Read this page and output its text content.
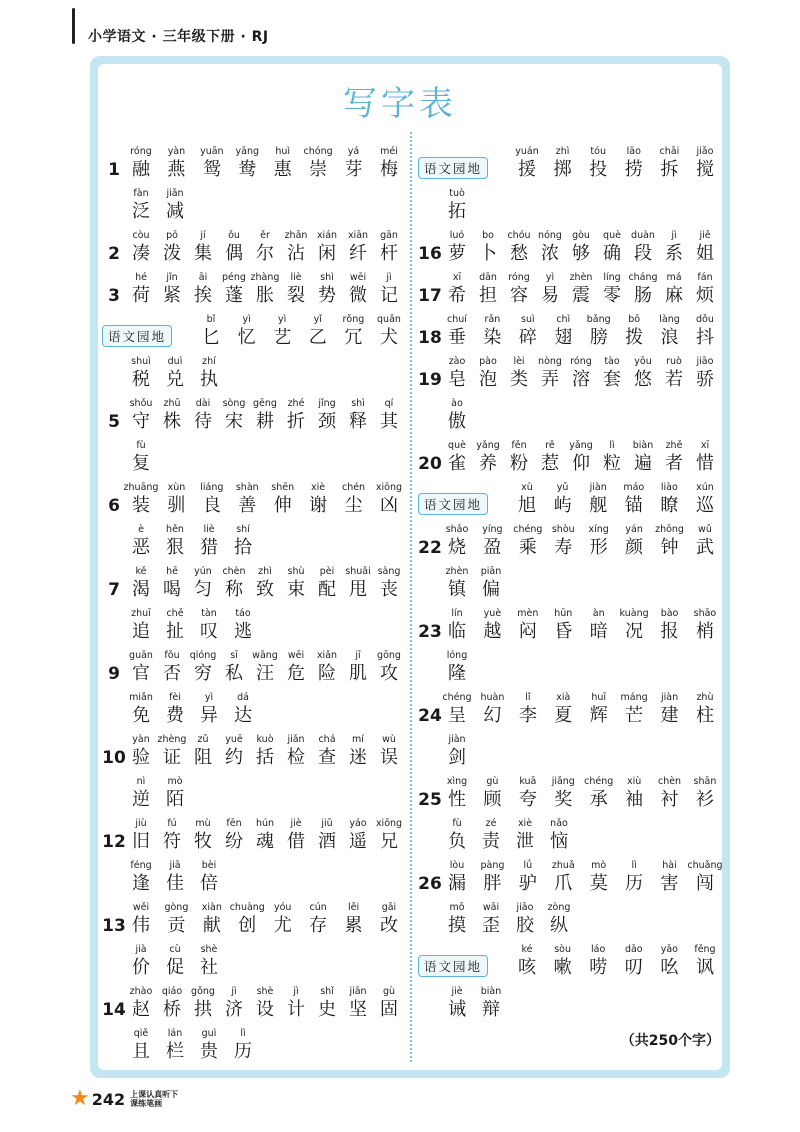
小学语文 · 三年级下册 · RJ
写字表
1
róng
融
yàn
燕
yuān
鸳
yāng
鸯
huì
惠
chóng
崇
yá
芽
méi
梅
fàn
泛
jiǎn
减
2
còu
凑
pō
泼
jí
集
ǒu
偶
ěr
尔
zhān
沾
xián
闲
xiān
纤
gān
杆
3
hé
荷
jǐn
紧
āi
挨
péng
蓬
zhàng
胀
liè
裂
shì
势
wēi
微
jì
记
语文园地
bǐ
匕
yì
忆
yì
艺
yǐ
乙
rǒng
冗
quǎn
犬
shuì
税
duì
兑
zhí
执
5
shǒu
守
zhū
株
dài
待
sòng
宋
gēng
耕
zhé
折
jǐng
颈
shì
释
qí
其
fù
复
6
zhuāng
装
xùn
驯
liáng
良
shàn
善
shēn
伸
xiè
谢
chén
尘
xiōng
凶
è
恶
hěn
狠
liè
猎
shí
拾
7
kě
渴
hē
喝
yún
匀
chèn
称
zhì
致
shù
束
pèi
配
shuǎi
甩
sàng
丧
zhuī
追
chě
扯
tàn
叹
táo
逃
9
guān
官
fǒu
否
qióng
穷
sī
私
wāng
汪
wēi
危
xiǎn
险
jī
肌
gōng
攻
miǎn
免
fèi
费
yì
异
dá
达
10
yàn
验
zhèng
证
zǔ
阻
yuē
约
kuò
括
jiǎn
检
chá
查
mí
迷
wù
误
nì
逆
mò
陌
12
jiù
旧
fú
符
mù
牧
fēn
纷
hún
魂
jiè
借
jiǔ
酒
yáo
遥
xiōng
兄
féng
逢
jiā
佳
bèi
倍
13
wěi
伟
gòng
贡
xiàn
献
chuàng
创
yóu
尤
cún
存
lěi
累
gǎi
改
jià
价
cù
促
shè
社
14
zhào
赵
qiáo
桥
gǒng
拱
jì
济
shè
设
jì
计
shǐ
史
jiān
坚
gù
固
qiě
且
lán
栏
guì
贵
lì
历
语文园地
yuán
援
zhì
掷
tóu
投
lāo
捞
chāi
拆
jiǎo
搅
tuò
拓
16
luó
萝
bo
卜
chóu
愁
nóng
浓
gòu
够
què
确
duàn
段
jì
系
jiě
姐
17
xī
希
dān
担
róng
容
yì
易
zhèn
震
líng
零
cháng
肠
má
麻
fán
烦
18
chuí
垂
rǎn
染
suì
碎
chì
翅
bǎng
膀
bō
拨
làng
浪
dǒu
抖
19
zào
皂
pào
泡
lèi
类
nòng
弄
róng
溶
tào
套
yōu
悠
ruò
若
jiāo
骄
ào
傲
20
què
雀
yǎng
养
fěn
粉
rě
惹
yǎng
仰
lì
粒
biàn
遍
zhě
者
xī
惜
语文园地
xù
旭
yǔ
屿
jiàn
舰
máo
锚
liào
瞭
xún
巡
22
shāo
烧
yíng
盈
chéng
乘
shòu
寿
xíng
形
yán
颜
zhōng
钟
wǔ
武
zhèn
镇
piān
偏
23
lín
临
yuè
越
mèn
闷
hūn
昏
àn
暗
kuàng
况
bào
报
shāo
梢
lóng
隆
24
chéng
呈
huàn
幻
lǐ
李
xià
夏
huī
辉
máng
芒
jiàn
建
zhù
柱
jiàn
剑
25
xìng
性
gù
顾
kuā
夸
jiǎng
奖
chéng
承
xiù
袖
chèn
衬
shān
衫
fù
负
zé
责
xiè
泄
nǎo
恼
26
lòu
漏
pàng
胖
lǘ
驴
zhuǎ
爪
mò
莫
lì
历
hài
害
chuǎng
闯
mō
摸
wāi
歪
jiāo
胶
zòng
纵
语文园地
ké
咳
sòu
嗽
láo
唠
dāo
叨
yāo
吆
fěng
讽
jiè
诫
biàn
辩
（共250个字）
★ 242 上课认真听下课练笔画
